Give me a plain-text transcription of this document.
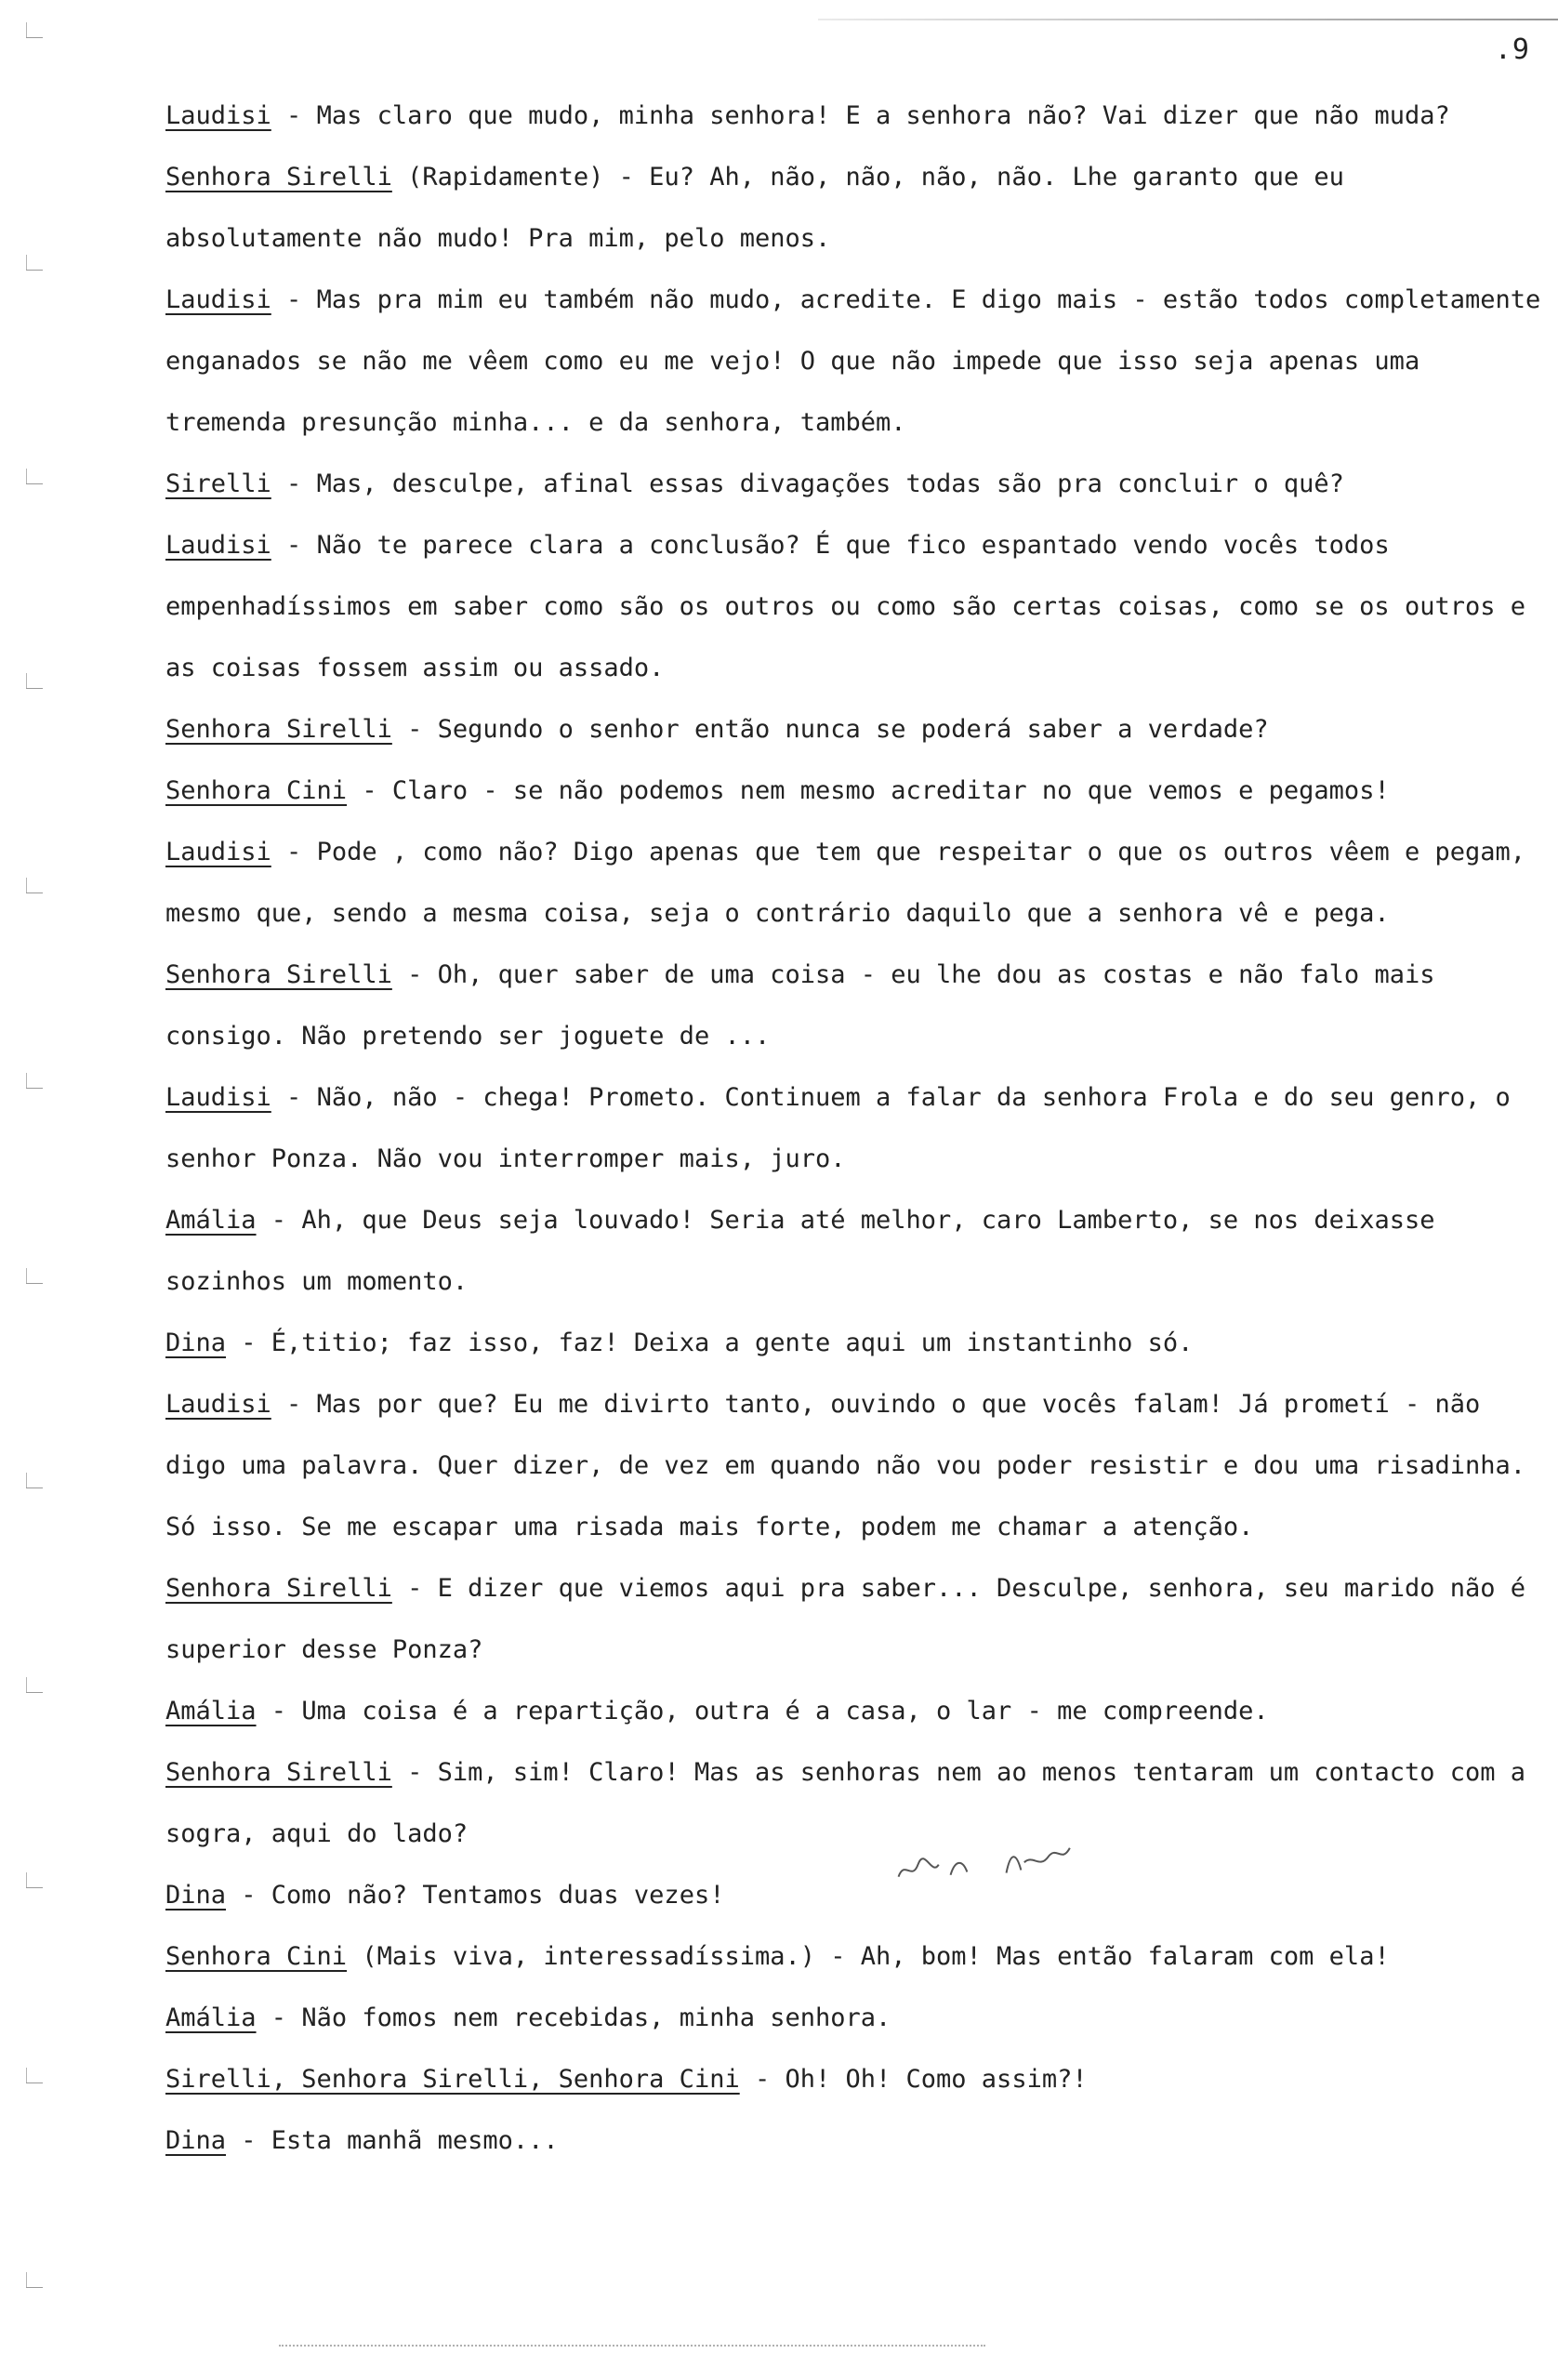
.9

Laudisi - Mas claro que mudo, minha senhora! E a senhora não? Vai dizer que não muda?

Senhora Sirelli (Rapidamente) - Eu? Ah, não, não, não, não. Lhe garanto que eu absolutamente não mudo! Pra mim, pelo menos.

Laudisi - Mas pra mim eu também não mudo, acredite. E digo mais - estão todos completamente enganados se não me vêem como eu me vejo! O que não impede que isso seja apenas uma tremenda presunção minha... e da senhora, também.

Sirelli - Mas, desculpe, afinal essas divagações todas são pra concluir o quê?

Laudisi - Não te parece clara a conclusão? É que fico espantado vendo vocês todos empenhadíssimos em saber como são os outros ou como são certas coisas, como se os outros e as coisas fossem assim ou assado.

Senhora Sirelli - Segundo o senhor então nunca se poderá saber a verdade?

Senhora Cini - Claro - se não podemos nem mesmo acreditar no que vemos e pegamos!

Laudisi - Pode , como não? Digo apenas que tem que respeitar o que os outros vêem e pegam, mesmo que, sendo a mesma coisa, seja o contrário daquilo que a senhora vê e pega.

Senhora Sirelli - Oh, quer saber de uma coisa - eu lhe dou as costas e não falo mais consigo. Não pretendo ser joguete de ...

Laudisi - Não, não - chega! Prometo. Continuem a falar da senhora Frola e do seu genro, o senhor Ponza. Não vou interromper mais, juro.

Amália - Ah, que Deus seja louvado! Seria até melhor, caro Lamberto, se nos deixasse sozinhos um momento.

Dina - É,titio; faz isso, faz! Deixa a gente aqui um instantinho só.

Laudisi - Mas por que? Eu me divirto tanto, ouvindo o que vocês falam! Já prometí - não digo uma palavra. Quer dizer, de vez em quando não vou poder resistir e dou uma risadinha. Só isso. Se me escapar uma risada mais forte, podem me chamar a atenção.

Senhora Sirelli - E dizer que viemos aqui pra saber... Desculpe, senhora, seu marido não é superior desse Ponza?

Amália - Uma coisa é a repartição, outra é a casa, o lar - me compreende.

Senhora Sirelli - Sim, sim! Claro! Mas as senhoras nem ao menos tentaram um contacto com a sogra, aqui do lado?

Dina - Como não? Tentamos duas vezes!

Senhora Cini (Mais viva, interessadíssima.) - Ah, bom! Mas então falaram com ela!

Amália - Não fomos nem recebidas, minha senhora.

Sirelli, Senhora Sirelli, Senhora Cini - Oh! Oh! Como assim?!

Dina - Esta manhã mesmo...
